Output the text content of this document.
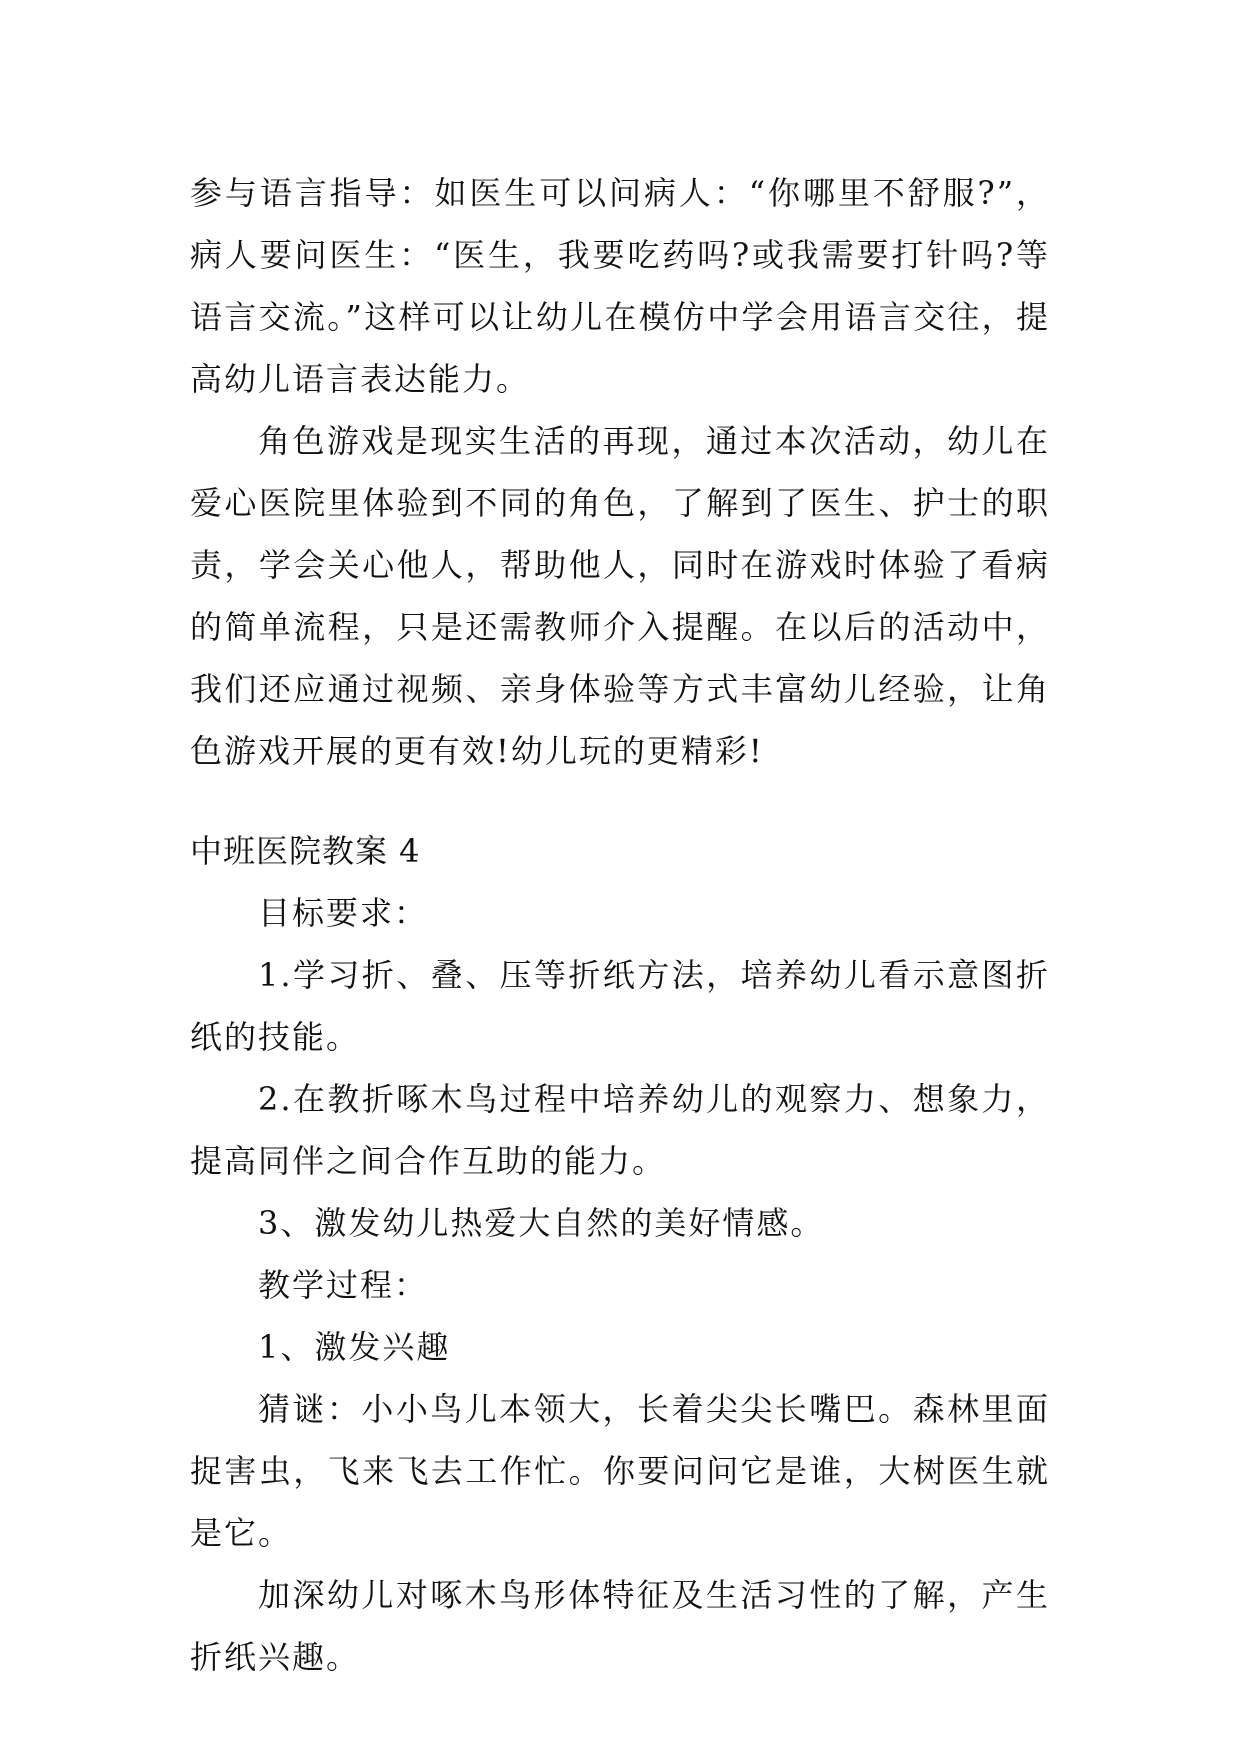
参与语言指导：如医生可以问病人：“你哪里不舒服?”，病人要问医生：“医生，我要吃药吗?或我需要打针吗?等语言交流。”这样可以让幼儿在模仿中学会用语言交往，提高幼儿语言表达能力。

角色游戏是现实生活的再现，通过本次活动，幼儿在爱心医院里体验到不同的角色，了解到了医生、护士的职责，学会关心他人，帮助他人，同时在游戏时体验了看病的简单流程，只是还需教师介入提醒。在以后的活动中，我们还应通过视频、亲身体验等方式丰富幼儿经验，让角色游戏开展的更有效!幼儿玩的更精彩!

中班医院教案 4

目标要求：

1.学习折、叠、压等折纸方法，培养幼儿看示意图折纸的技能。

2.在教折啄木鸟过程中培养幼儿的观察力、想象力，提高同伴之间合作互助的能力。

3、激发幼儿热爱大自然的美好情感。

教学过程：

1、激发兴趣

猜谜：小小鸟儿本领大，长着尖尖长嘴巴。森林里面捉害虫，飞来飞去工作忙。你要问问它是谁，大树医生就是它。

加深幼儿对啄木鸟形体特征及生活习性的了解，产生折纸兴趣。
